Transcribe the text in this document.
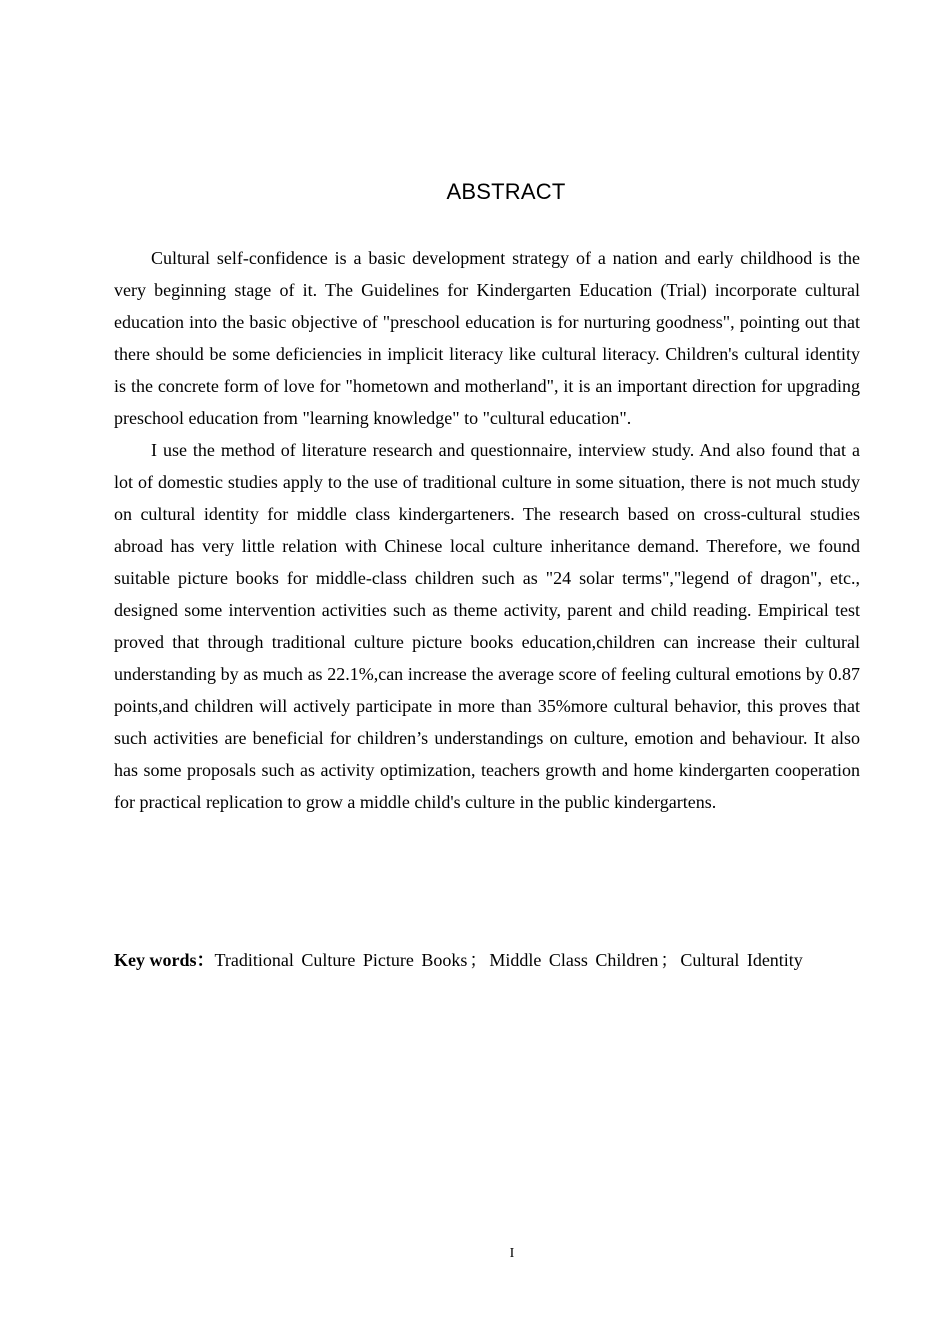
ABSTRACT

Cultural self-confidence is a basic development strategy of a nation and early childhood is the very beginning stage of it. The Guidelines for Kindergarten Education (Trial) incorporate cultural education into the basic objective of "preschool education is for nurturing goodness", pointing out that there should be some deficiencies in implicit literacy like cultural literacy. Children's cultural identity is the concrete form of love for "hometown and motherland", it is an important direction for upgrading preschool education from "learning knowledge" to "cultural education".

I use the method of literature research and questionnaire, interview study. And also found that a lot of domestic studies apply to the use of traditional culture in some situation, there is not much study on cultural identity for middle class kindergarteners. The research based on cross-cultural studies abroad has very little relation with Chinese local culture inheritance demand. Therefore, we found suitable picture books for middle-class children such as "24 solar terms","legend of dragon", etc., designed some intervention activities such as theme activity, parent and child reading. Empirical test proved that through traditional culture picture books education,children can increase their cultural understanding by as much as 22.1%,can increase the average score of feeling cultural emotions by 0.87 points,and children will actively participate in more than 35%more cultural behavior, this proves that such activities are beneficial for children’s understandings on culture, emotion and behaviour. It also has some proposals such as activity optimization, teachers growth and home kindergarten cooperation for practical replication to grow a middle child's culture in the public kindergartens.

Key words：Traditional Culture Picture Books ； Middle Class Children ； Cultural Identity
I
